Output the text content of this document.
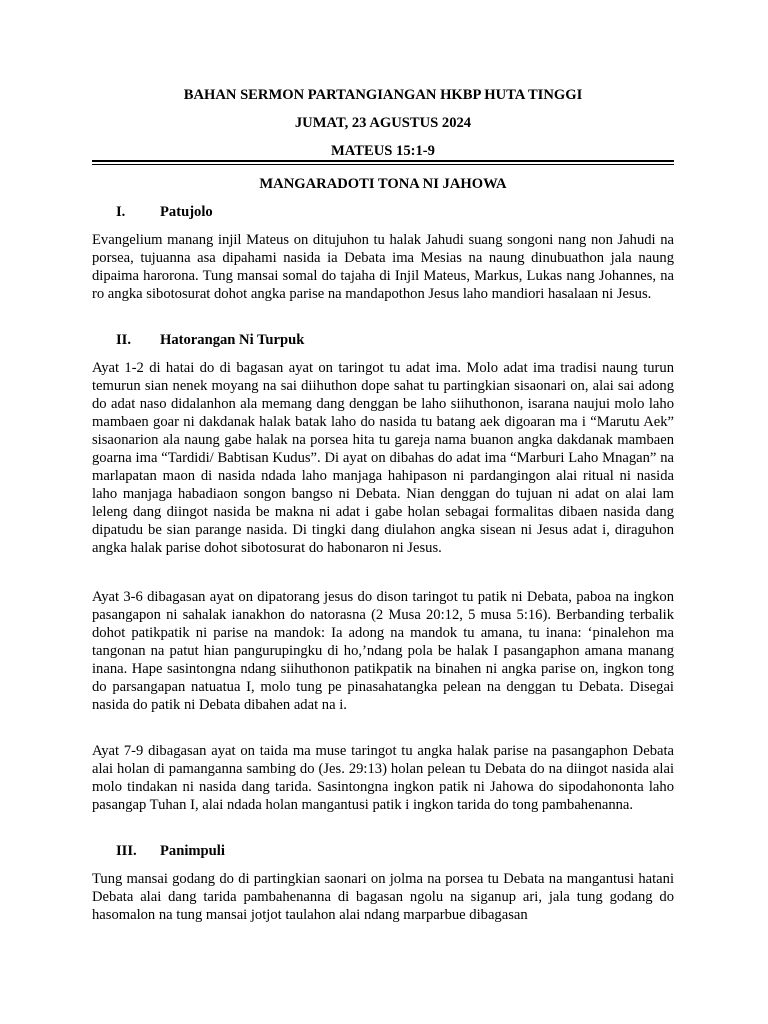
BAHAN SERMON PARTANGIANGAN HKBP HUTA TINGGI

JUMAT, 23 AGUSTUS 2024

MATEUS 15:1-9

MANGARADOTI TONA NI JAHOWA

I. Patujolo

Evangelium manang injil Mateus on ditujuhon tu halak Jahudi suang songoni nang non Jahudi na porsea, tujuanna asa dipahami nasida ia Debata ima Mesias na naung dinubuathon jala naung dipaima harorona. Tung mansai somal do tajaha di Injil Mateus, Markus, Lukas nang Johannes, na ro angka sibotosurat dohot angka parise na mandapothon Jesus laho mandiori hasalaan ni Jesus.

II. Hatorangan Ni Turpuk

Ayat 1-2 di hatai do di bagasan ayat on taringot tu adat ima. Molo adat ima tradisi naung turun temurun sian nenek moyang na sai diihuthon dope sahat tu partingkian sisaonari on, alai sai adong do adat naso didalanhon ala memang dang denggan be laho siihuthonon, isarana naujui molo laho mambaen goar ni dakdanak halak batak laho do nasida tu batang aek digoaran ma i “Marutu Aek” sisaonarion ala naung gabe halak na porsea hita tu gareja nama buanon angka dakdanak mambaen goarna ima “Tardidi/ Babtisan Kudus”. Di ayat on dibahas do adat ima “Marburi Laho Mnagan” na marlapatan maon di nasida ndada laho manjaga hahipason ni pardangingon alai ritual ni nasida laho manjaga habadiaon songon bangso ni Debata. Nian denggan do tujuan ni adat on alai lam leleng dang diingot nasida be makna ni adat i gabe holan sebagai formalitas dibaen nasida dang dipatudu be sian parange nasida. Di tingki dang diulahon angka sisean ni Jesus adat i, diraguhon angka halak parise dohot sibotosurat do habonaron ni Jesus.

Ayat 3-6 dibagasan ayat on dipatorang jesus do dison taringot tu patik ni Debata, paboa na ingkon pasangapon ni sahalak ianakhon do natorasna (2 Musa 20:12, 5 musa 5:16). Berbanding terbalik dohot patikpatik ni parise na mandok: Ia adong na mandok tu amana, tu inana: ‘pinalehon ma tangonan na patut hian pangurupingku di ho,’ndang pola be halak I pasangaphon amana manang inana. Hape sasintongna ndang siihuthonon patikpatik na binahen ni angka parise on, ingkon tong do parsangapan natuatua I, molo tung pe pinasahatangka pelean na denggan tu Debata. Disegai nasida do patik ni Debata dibahen adat na i.

Ayat 7-9 dibagasan ayat on taida ma muse taringot tu angka halak parise na pasangaphon Debata alai holan di pamanganna sambing do (Jes. 29:13) holan pelean tu Debata do na diingot nasida alai molo tindakan ni nasida dang tarida. Sasintongna ingkon patik ni Jahowa do sipodahononta laho pasangap Tuhan I, alai ndada holan mangantusi patik i ingkon tarida do tong pambahenanna.

III. Panimpuli

Tung mansai godang do di partingkian saonari on jolma na porsea tu Debata na mangantusi hatani Debata alai dang tarida pambahenanna di bagasan ngolu na siganup ari, jala tung godang do hasomalon na tung mansai jotjot taulahon alai ndang marparbue dibagasan
